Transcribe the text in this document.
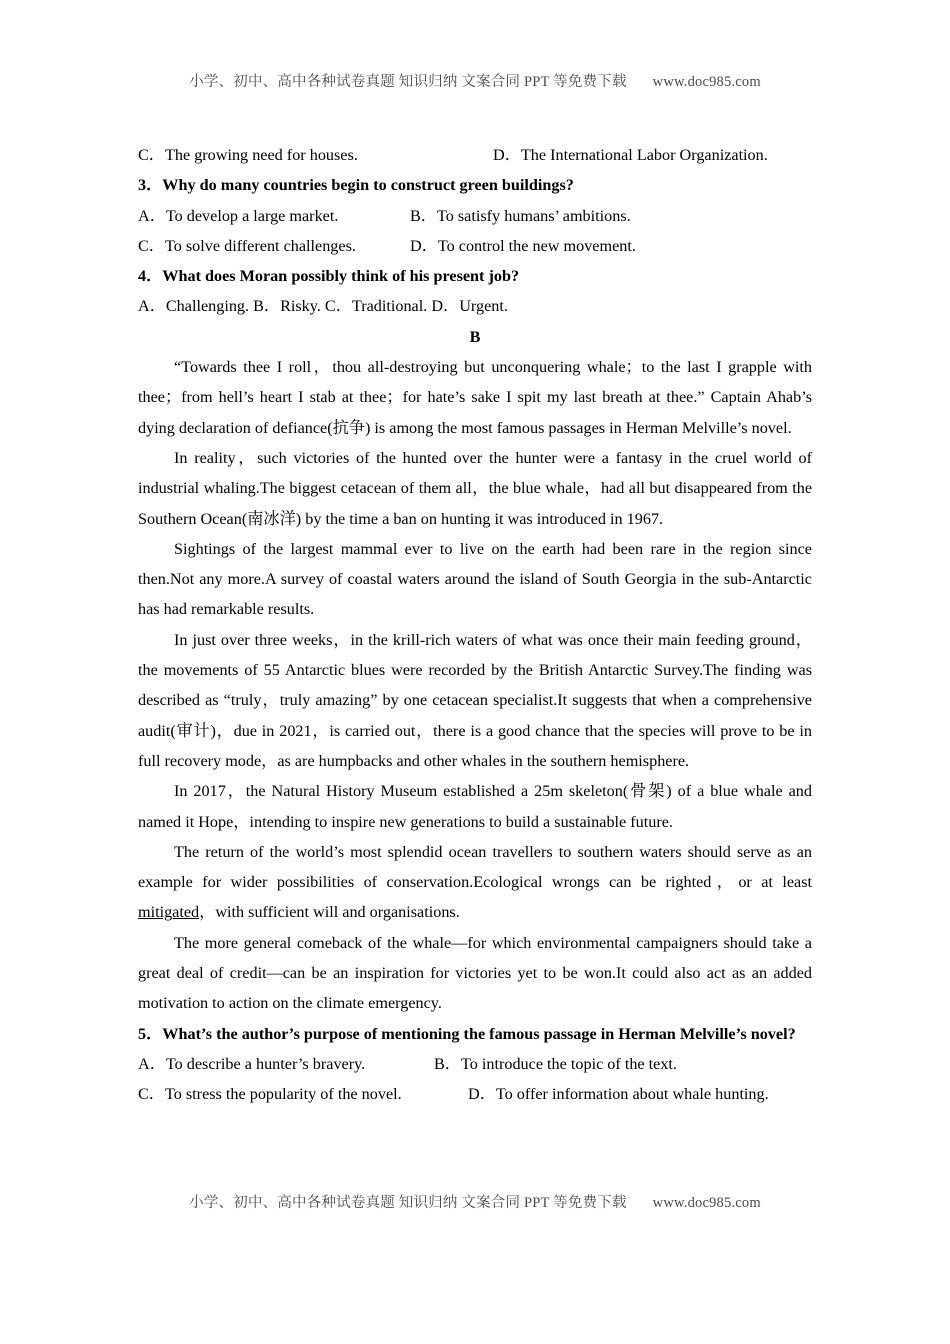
小学、初中、高中各种试卷真题 知识归纳 文案合同 PPT 等免费下载 www.doc985.com
C．The growing need for houses.	D．The International Labor Organization.
3．Why do many countries begin to construct green buildings?
A．To develop a large market.	B．To satisfy humans’ ambitions.
C．To solve different challenges.	D．To control the new movement.
4．What does Moran possibly think of his present job?
A．Challenging. B．Risky. C．Traditional. D．Urgent.
B

“Towards thee I roll，thou all-destroying but unconquering whale；to the last I grapple with thee；from hell’s heart I stab at thee；for hate’s sake I spit my last breath at thee.” Captain Ahab’s dying declaration of defiance(抗争) is among the most famous passages in Herman Melville’s novel.

In reality，such victories of the hunted over the hunter were a fantasy in the cruel world of industrial whaling.The biggest cetacean of them all，the blue whale，had all but disappeared from the Southern Ocean(南冰洋) by the time a ban on hunting it was introduced in 1967.

Sightings of the largest mammal ever to live on the earth had been rare in the region since then.Not any more.A survey of coastal waters around the island of South Georgia in the sub-Antarctic has had remarkable results.

In just over three weeks，in the krill-rich waters of what was once their main feeding ground，the movements of 55 Antarctic blues were recorded by the British Antarctic Survey.The finding was described as “truly，truly amazing” by one cetacean specialist.It suggests that when a comprehensive audit(审计)，due in 2021，is carried out，there is a good chance that the species will prove to be in full recovery mode，as are humpbacks and other whales in the southern hemisphere.

In 2017，the Natural History Museum established a 25m skeleton(骨架) of a blue whale and named it Hope，intending to inspire new generations to build a sustainable future.

The return of the world’s most splendid ocean travellers to southern waters should serve as an example for wider possibilities of conservation.Ecological wrongs can be righted，or at least mitigated，with sufficient will and organisations.

The more general comeback of the whale—for which environmental campaigners should take a great deal of credit—can be an inspiration for victories yet to be won.It could also act as an added motivation to action on the climate emergency.

5．What’s the author’s purpose of mentioning the famous passage in Herman Melville’s novel?
A．To describe a hunter’s bravery.	B．To introduce the topic of the text.
C．To stress the popularity of the novel.	D．To offer information about whale hunting.
小学、初中、高中各种试卷真题 知识归纳 文案合同 PPT 等免费下载 www.doc985.com
